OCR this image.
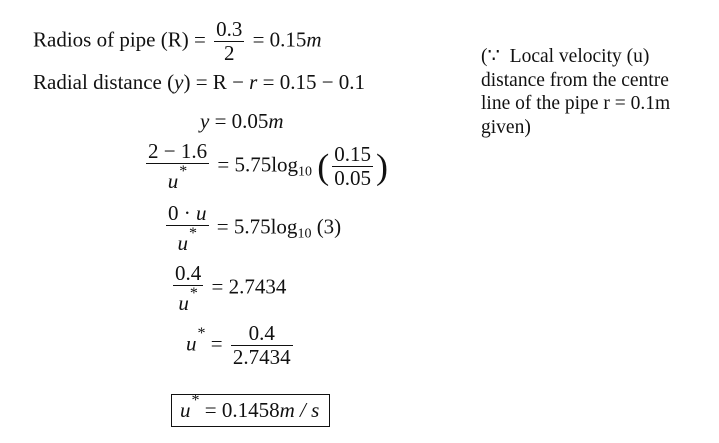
Radios of pipe $(R) = \frac{0.3}{2} = 0.15m$
Radial distance (y) = R − r = 0.15 − 0.1
y = 0.05m
$\frac{2 - 1.6}{u^*} = 5.75\log_{10}$ ( $\frac{0.15}{0.05}$ )
$\frac{0 \cdot u}{u^*} = 5.75\log_{10}$ (3)
$\frac{0.4}{u^*} = 2.7434$
$u^* = \frac{0.4}{2.7434}$
u* = 0.1458m / s
(∵ Local velocity (u)
distance from the centre
line of the pipe r = 0.1m
given)
